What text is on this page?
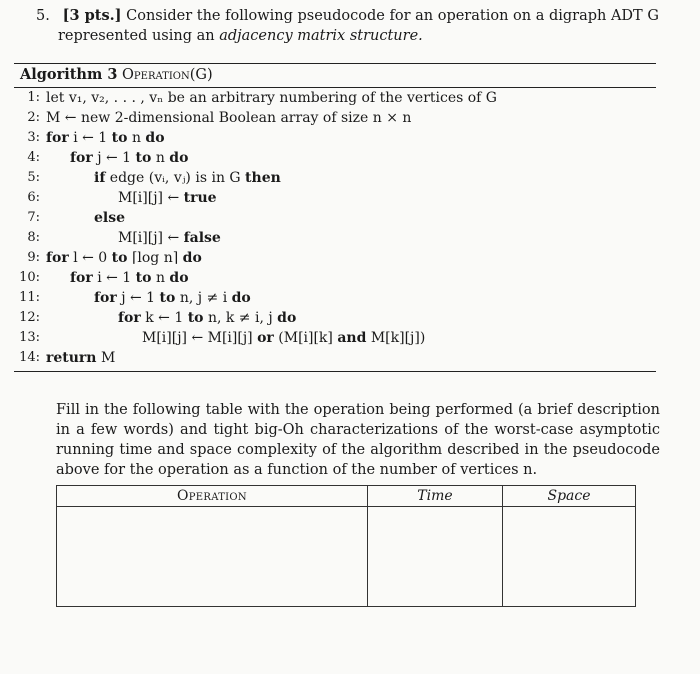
5. [3 pts.] Consider the following pseudocode for an operation on a digraph ADT G
represented using an adjacency matrix structure.
Algorithm 3 Operation(G)
1: let v₁, v₂, . . . , vₙ be an arbitrary numbering of the vertices of G
2: M ← new 2-dimensional Boolean array of size n × n
3: for i ← 1 to n do
4: for j ← 1 to n do
5:	if edge (vᵢ, vⱼ) is in G then
6:	M[i][j] ← true
7:	else
8:	M[i][j] ← false
9: for l ← 0 to ⌈log n⌉ do
10: for i ← 1 to n do
11:	for j ← 1 to n, j ≠ i do
12:	for k ← 1 to n, k ≠ i, j do
13:	M[i][j] ← M[i][j] or (M[i][k] and M[k][j])
14: return M
Fill in the following table with the operation being performed (a brief description in a few words) and tight big-Oh characterizations of the worst-case asymptotic running time and space complexity of the algorithm described in the pseudocode above for the operation as a function of the number of vertices n.
Operation	Time	Space
